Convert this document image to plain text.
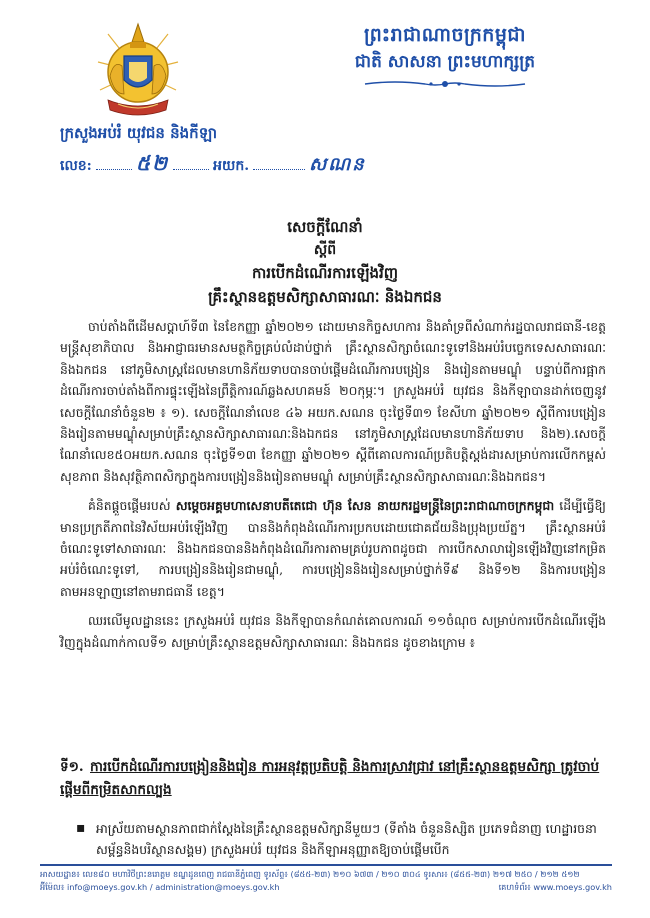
ព្រះរាជាណាចក្រកម្ពុជា
ជាតិ សាសនា ព្រះមហាក្សត្រ
ក្រសួងអប់រំ យុវជន និងកីឡា
លេខ: ៥២	អយក.	សណន
សេចក្ដីណែនាំ
ស្ដីពី
ការបើកដំណើរការឡើងវិញ
គ្រឹះស្ថានឧត្ដមសិក្សាសាធារណៈ និងឯកជន

ចាប់តាំងពីដើមសប្ដាហ៍ទី៣ នៃខែកញ្ញា ឆ្នាំ២០២១ ដោយមានកិច្ចសហការ និងគាំទ្រពីសំណាក់រដ្ឋបាលរាជធានី-ខេត្ត មន្ត្រីសុខាភិបាល និងអាជ្ញាធរមានសមត្ថកិច្ចគ្រប់លំដាប់ថ្នាក់ គ្រឹះស្ថានសិក្សាចំណេះទូទៅនិងអប់រំបច្ចេកទេសសាធារណៈ និងឯកជន នៅភូមិសាស្ត្រដែលមានហានិភ័យទាបបានចាប់ផ្ដើមដំណើរការបង្រៀន និងរៀនតាមមណ្ឌុំ បន្ទាប់ពីការផ្អាកដំណើរការចាប់តាំងពីការផ្ទុះឡើងនៃព្រឹត្តិការណ៍ឆ្លងសហគមន៍ ២០កុម្ភៈ។ ក្រសួងអប់រំ យុវជន និងកីឡាបានដាក់ចេញនូវសេចក្ដីណែនាំចំនួន២ ៖ ១). សេចក្ដីណែនាំលេខ ៤៦ អយក.សណន ចុះថ្ងៃទី៣១ ខែសីហា ឆ្នាំ២០២១ ស្ដីពីការបង្រៀន និងរៀនតាមមណ្ឌុំសម្រាប់គ្រឹះស្ថានសិក្សាសាធារណៈនិងឯកជន នៅភូមិសាស្ត្រដែលមានហានិភ័យទាប និង២).សេចក្ដីណែនាំលេខ៥០អយក.សណន ចុះថ្ងៃទី១៣ ខែកញ្ញា ឆ្នាំ២០២១ ស្ដីពីគោលការណ៍ប្រតិបត្តិស្ដង់ដារសម្រាប់ការលើកកម្ពស់សុខភាព និងសុវត្ថិភាពសិក្សាក្នុងការបង្រៀននិងរៀនតាមមណ្ឌុំ សម្រាប់គ្រឹះស្ថានសិក្សាសាធារណៈនិងឯកជន។

គំនិតផ្ដួចផ្ដើមរបស់ សម្ដេចអគ្គមហាសេនាបតីតេជោ ហ៊ុន សែន នាយករដ្ឋមន្ត្រីនៃព្រះរាជាណាចក្រកម្ពុជា ដើម្បីធ្វើឱ្យមានប្រក្រតីភាពនៃវិស័យអប់រំឡើងវិញ បាននិងកំពុងដំណើរការប្រកបដោយជោគជ័យនិងប្រុងប្រយ័ត្ន។ គ្រឹះស្ថានអប់រំចំណេះទូទៅសាធារណៈ និងឯកជនបាននិងកំពុងដំណើរការតាមគ្រប់រូបភាពដូចជា ការបើកសាលារៀនឡើងវិញនៅកម្រិតអប់រំចំណេះទូទៅ, ការបង្រៀននិងរៀនជាមណ្ឌុំ, ការបង្រៀននិងរៀនសម្រាប់ថ្នាក់ទី៩ និងទី១២ និងការបង្រៀនតាមអនឡាញនៅតាមរាជធានី ខេត្ត។

ឈរលើមូលដ្ឋាននេះ ក្រសួងអប់រំ យុវជន និងកីឡាបានកំណត់គោលការណ៍ ១១ចំណុច សម្រាប់ការបើកដំណើរឡើងវិញក្នុងដំណាក់កាលទី១ សម្រាប់គ្រឹះស្ថានឧត្ដមសិក្សាសាធារណៈ និងឯកជន ដូចខាងក្រោម ៖

ទី១. ការបើកដំណើរការបង្រៀននិងរៀន ការអនុវត្តប្រតិបត្តិ និងការស្រាវជ្រាវ នៅគ្រឹះស្ថានឧត្ដមសិក្សា ត្រូវចាប់ផ្ដើមពីកម្រិតសាកល្បង
▪ អាស្រ័យតាមស្ថានភាពជាក់ស្ដែងនៃគ្រឹះស្ថានឧត្ដមសិក្សានីមួយៗ (ទីតាំង ចំនួននិស្សិត ប្រភេទជំនាញ ហេដ្ឋារចនាសម្ព័ន្ធនិងបរិស្ថានសង្គម) ក្រសួងអប់រំ យុវជន និងកីឡាអនុញ្ញាតឱ្យចាប់ផ្ដើមបើក
អាសយដ្ឋាន៖ លេខ៨០ មហាវិថីព្រះនរោត្តម ខណ្ឌដូនពេញ រាជធានីភ្នំពេញ ទូរស័ព្ទ៖ (៨៥៥-២៣) ២១០ ៦៧៣ / ២១០ ៣០៤ ទូរសារ៖ (៨៥៥-២៣) ២១៧ ២៥០ / ២១២ ៥១២
អ៊ីម៉ែល៖ info@moeys.gov.kh / administration@moeys.gov.kh	គេហទំព័រ៖ www.moeys.gov.kh
